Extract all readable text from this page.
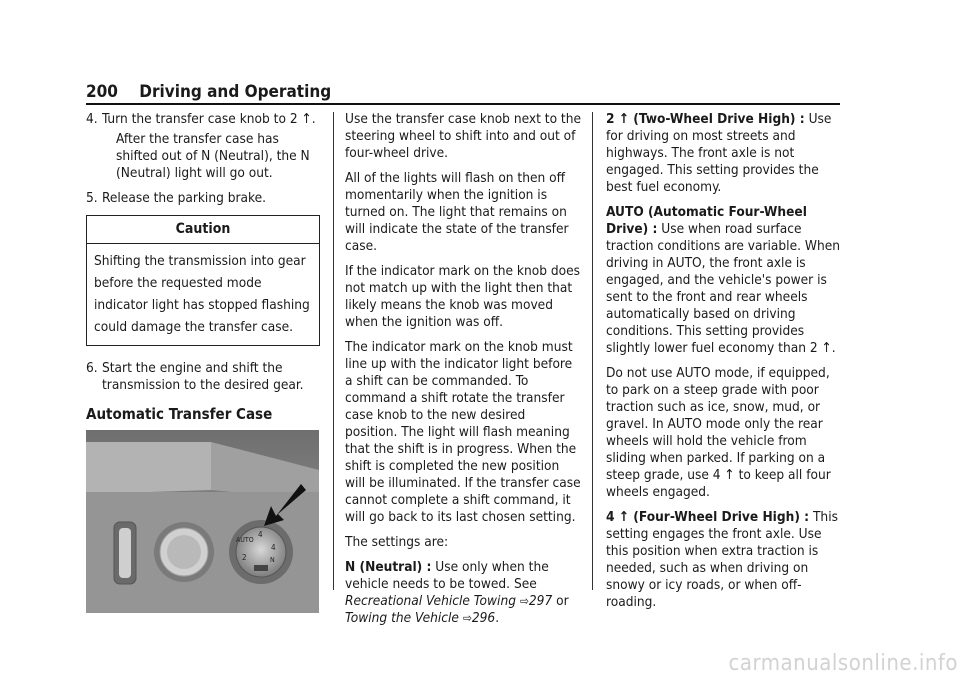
200 Driving and Operating
4. Turn the transfer case knob to 2 ↑.

After the transfer case has shifted out of N (Neutral), the N (Neutral) light will go out.

5. Release the parking brake.
Caution
Shifting the transmission into gear before the requested mode indicator light has stopped flashing could damage the transfer case.
6. Start the engine and shift the transmission to the desired gear.
Automatic Transfer Case
AUTO
2
4
4
N

Use the transfer case knob next to the steering wheel to shift into and out of four-wheel drive.

All of the lights will flash on then off momentarily when the ignition is turned on. The light that remains on will indicate the state of the transfer case.

If the indicator mark on the knob does not match up with the light then that likely means the knob was moved when the ignition was off.

The indicator mark on the knob must line up with the indicator light before a shift can be commanded. To command a shift rotate the transfer case knob to the new desired position. The light will flash meaning that the shift is in progress. When the shift is completed the new position will be illuminated. If the transfer case cannot complete a shift command, it will go back to its last chosen setting.

The settings are:

N (Neutral) : Use only when the vehicle needs to be towed. See Recreational Vehicle Towing ⇨297 or
Towing the Vehicle ⇨296.

2 ↑ (Two-Wheel Drive High) : Use for driving on most streets and highways. The front axle is not engaged. This setting provides the best fuel economy.

AUTO (Automatic Four-Wheel Drive) : Use when road surface traction conditions are variable. When driving in AUTO, the front axle is engaged, and the vehicle's power is sent to the front and rear wheels automatically based on driving conditions. This setting provides slightly lower fuel economy than 2 ↑.

Do not use AUTO mode, if equipped, to park on a steep grade with poor traction such as ice, snow, mud, or gravel. In AUTO mode only the rear wheels will hold the vehicle from sliding when parked. If parking on a steep grade, use 4 ↑ to keep all four wheels engaged.

4 ↑ (Four-Wheel Drive High) : This setting engages the front axle. Use this position when extra traction is needed, such as when driving on snowy or icy roads, or when off-roading.

carmanualsonline.info
